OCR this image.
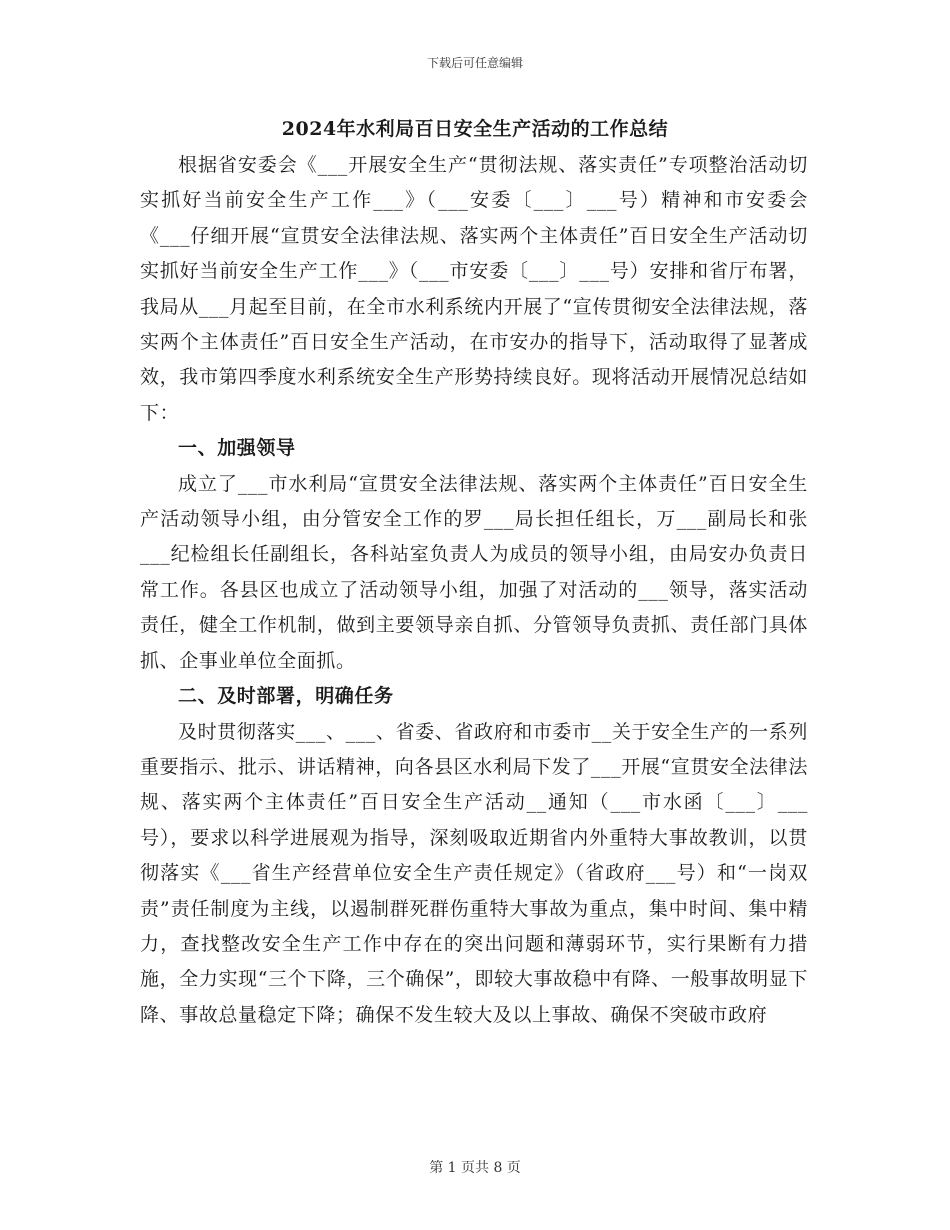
下载后可任意编辑
2024年水利局百日安全生产活动的工作总结

根据省安委会《___开展安全生产“贯彻法规、落实责任”专项整治活动切实抓好当前安全生产工作___》（___安委〔___〕___号）精神和市安委会《___仔细开展“宣贯安全法律法规、落实两个主体责任”百日安全生产活动切实抓好当前安全生产工作___》（___市安委〔___〕___号）安排和省厅布署，我局从___月起至目前，在全市水利系统内开展了“宣传贯彻安全法律法规，落实两个主体责任”百日安全生产活动，在市安办的指导下，活动取得了显著成效，我市第四季度水利系统安全生产形势持续良好。现将活动开展情况总结如下：

一、加强领导

成立了___市水利局“宣贯安全法律法规、落实两个主体责任”百日安全生产活动领导小组，由分管安全工作的罗___局长担任组长，万___副局长和张___纪检组长任副组长，各科站室负责人为成员的领导小组，由局安办负责日常工作。各县区也成立了活动领导小组，加强了对活动的___领导，落实活动责任，健全工作机制，做到主要领导亲自抓、分管领导负责抓、责任部门具体抓、企事业单位全面抓。

二、及时部署，明确任务

及时贯彻落实___、___、省委、省政府和市委市__关于安全生产的一系列重要指示、批示、讲话精神，向各县区水利局下发了___开展“宣贯安全法律法规、落实两个主体责任”百日安全生产活动__通知（___市水函〔___〕___号），要求以科学进展观为指导，深刻吸取近期省内外重特大事故教训，以贯彻落实《___省生产经营单位安全生产责任规定》（省政府___号）和“一岗双责”责任制度为主线，以遏制群死群伤重特大事故为重点，集中时间、集中精力，查找整改安全生产工作中存在的突出问题和薄弱环节，实行果断有力措施，全力实现“三个下降，三个确保”，即较大事故稳中有降、一般事故明显下降、事故总量稳定下降；确保不发生较大及以上事故、确保不突破市政府

第 1 页共 8 页
